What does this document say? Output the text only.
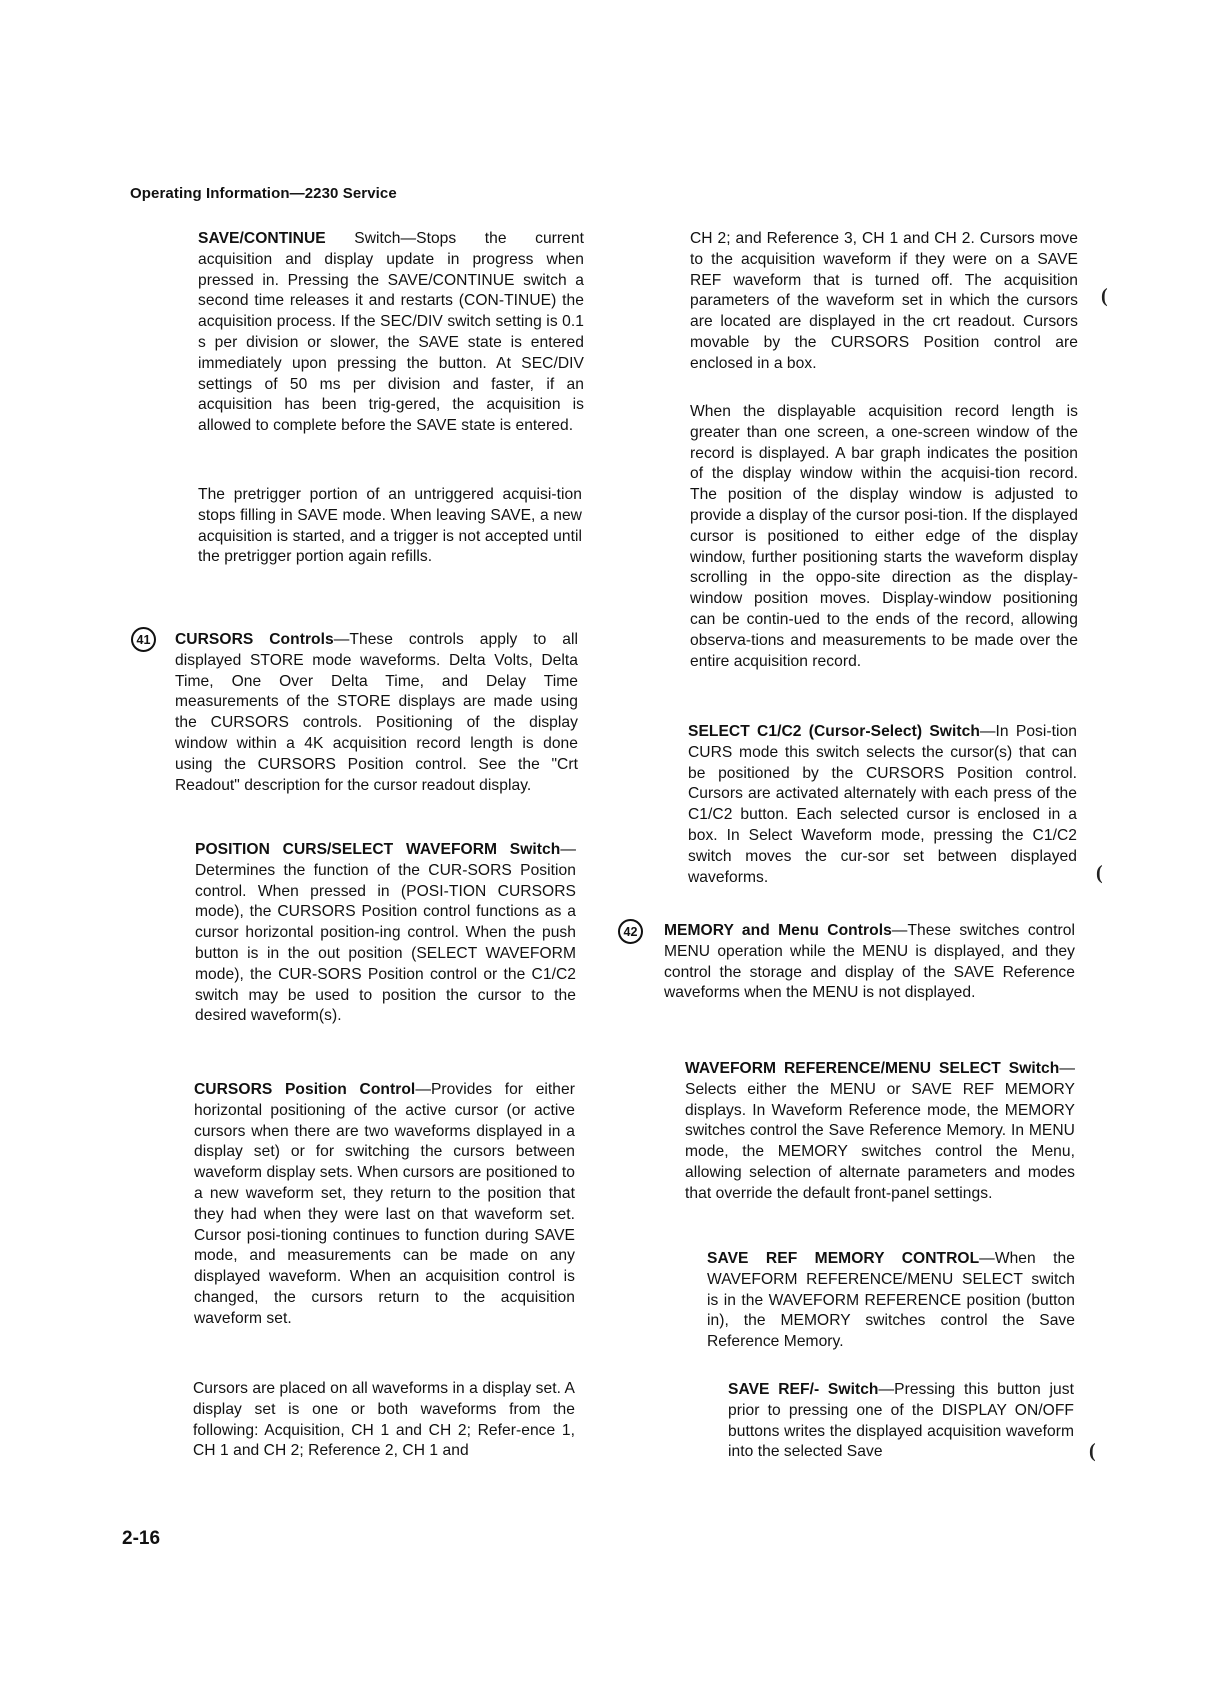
Operating Information—2230 Service

SAVE/CONTINUE Switch—Stops the current acquisition and display update in progress when pressed in. Pressing the SAVE/CONTINUE switch a second time releases it and restarts (CON-TINUE) the acquisition process. If the SEC/DIV switch setting is 0.1 s per division or slower, the SAVE state is entered immediately upon pressing the button. At SEC/DIV settings of 50 ms per division and faster, if an acquisition has been trig-gered, the acquisition is allowed to complete before the SAVE state is entered.

The pretrigger portion of an untriggered acquisi-tion stops filling in SAVE mode. When leaving SAVE, a new acquisition is started, and a trigger is not accepted until the pretrigger portion again refills.

41	CURSORS Controls—These controls apply to all displayed STORE mode waveforms. Delta Volts, Delta Time, One Over Delta Time, and Delay Time measurements of the STORE displays are made using the CURSORS controls. Positioning of the display window within a 4K acquisition record length is done using the CURSORS Position control. See the "Crt Readout" description for the cursor readout display.

POSITION CURS/SELECT WAVEFORM Switch—Determines the function of the CUR-SORS Position control. When pressed in (POSI-TION CURSORS mode), the CURSORS Position control functions as a cursor horizontal position-ing control. When the push button is in the out position (SELECT WAVEFORM mode), the CUR-SORS Position control or the C1/C2 switch may be used to position the cursor to the desired waveform(s).

CURSORS Position Control—Provides for either horizontal positioning of the active cursor (or active cursors when there are two waveforms displayed in a display set) or for switching the cursors between waveform display sets. When cursors are positioned to a new waveform set, they return to the position that they had when they were last on that waveform set. Cursor posi-tioning continues to function during SAVE mode, and measurements can be made on any displayed waveform. When an acquisition control is changed, the cursors return to the acquisition waveform set.

Cursors are placed on all waveforms in a display set. A display set is one or both waveforms from the following: Acquisition, CH 1 and CH 2; Refer-ence 1, CH 1 and CH 2; Reference 2, CH 1 and

2-16

CH 2; and Reference 3, CH 1 and CH 2. Cursors move to the acquisition waveform if they were on a SAVE REF waveform that is turned off. The acquisition parameters of the waveform set in which the cursors are located are displayed in the crt readout. Cursors movable by the CURSORS Position control are enclosed in a box.

(

When the displayable acquisition record length is greater than one screen, a one-screen window of the record is displayed. A bar graph indicates the position of the display window within the acquisi-tion record. The position of the display window is adjusted to provide a display of the cursor posi-tion. If the displayed cursor is positioned to either edge of the display window, further positioning starts the waveform display scrolling in the oppo-site direction as the display-window position moves. Display-window positioning can be contin-ued to the ends of the record, allowing observa-tions and measurements to be made over the entire acquisition record.

SELECT C1/C2 (Cursor-Select) Switch—In Posi-tion CURS mode this switch selects the cursor(s) that can be positioned by the CURSORS Position control. Cursors are activated alternately with each press of the C1/C2 button. Each selected cursor is enclosed in a box. In Select Waveform mode, pressing the C1/C2 switch moves the cur-sor set between displayed waveforms.	(
42	MEMORY and Menu Controls—These switches control MENU operation while the MENU is displayed, and they control the storage and display of the SAVE Reference waveforms when the MENU is not displayed.

WAVEFORM REFERENCE/MENU SELECT Switch—Selects either the MENU or SAVE REF MEMORY displays. In Waveform Reference mode, the MEMORY switches control the Save Reference Memory. In MENU mode, the MEMORY switches control the Menu, allowing selection of alternate parameters and modes that override the default front-panel settings.

SAVE REF MEMORY CONTROL—When the WAVEFORM REFERENCE/MENU SELECT switch is in the WAVEFORM REFERENCE position (button in), the MEMORY switches control the Save Reference Memory.

SAVE REF/- Switch—Pressing this button just prior to pressing one of the DISPLAY ON/OFF buttons writes the displayed acquisition waveform into the selected Save	(
